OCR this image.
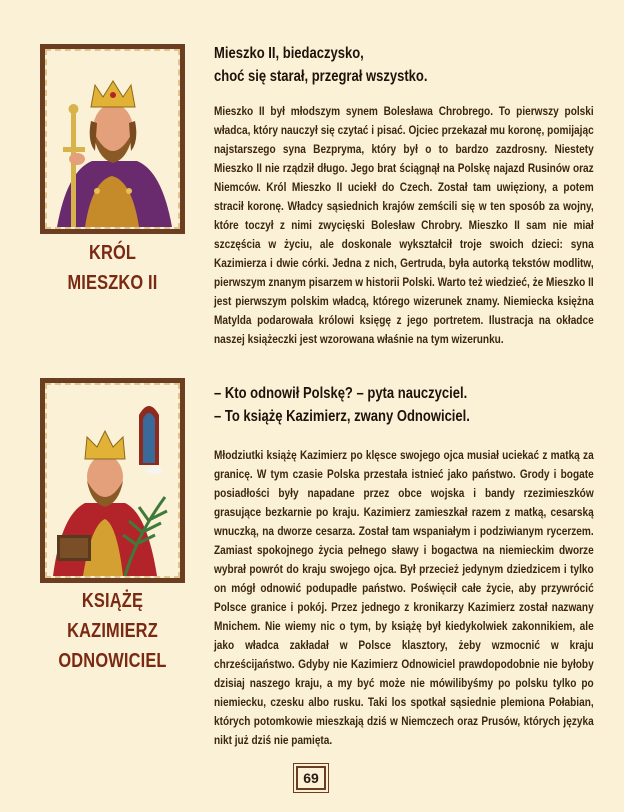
KRÓL
MIESZKO II
Mieszko II, biedaczysko,
choć się starał, przegrał wszystko.

Mieszko II był młodszym synem Bolesława Chrobrego. To pierwszy polski władca, który nauczył się czytać i pisać. Ojciec przekazał mu koronę, pomijając najstarszego syna Bezpryma, który był o to bardzo zazdrosny. Niestety Mieszko II nie rządził długo. Jego brat ściągnął na Polskę najazd Rusinów oraz Niemców. Król Mieszko II uciekł do Czech. Został tam uwięziony, a potem stracił koronę. Władcy sąsiednich krajów zemścili się w ten sposób za wojny, które toczył z nimi zwycięski Bolesław Chrobry. Mieszko II sam nie miał szczęścia w życiu, ale doskonale wykształcił troje swoich dzieci: syna Kazimierza i dwie córki. Jedna z nich, Gertruda, była autorką tekstów modlitw, pierwszym znanym pisarzem w historii Polski. Warto też wiedzieć, że Mieszko II jest pierwszym polskim władcą, którego wizerunek znamy. Niemiecka księżna Matylda podarowała królowi księgę z jego portretem. Ilustracja na okładce naszej książeczki jest wzorowana właśnie na tym wizerunku.

KSIĄŻĘ
KAZIMIERZ
ODNOWICIEL
– Kto odnowił Polskę? – pyta nauczyciel.
– To książę Kazimierz, zwany Odnowiciel.

Młodziutki książę Kazimierz po klęsce swojego ojca musiał uciekać z matką za granicę. W tym czasie Polska przestała istnieć jako państwo. Grody i bogate posiadłości były napadane przez obce wojska i bandy rzezimieszków grasujące bezkarnie po kraju. Kazimierz zamieszkał razem z matką, cesarską wnuczką, na dworze cesarza. Został tam wspaniałym i podziwianym rycerzem. Zamiast spokojnego życia pełnego sławy i bogactwa na niemieckim dworze wybrał powrót do kraju swojego ojca. Był przecież jedynym dziedzicem i tylko on mógł odnowić podupadłe państwo. Poświęcił całe życie, aby przywrócić Polsce granice i pokój. Przez jednego z kronikarzy Kazimierz został nazwany Mnichem. Nie wiemy nic o tym, by książę był kiedykolwiek zakonnikiem, ale jako władca zakładał w Polsce klasztory, żeby wzmocnić w kraju chrześcijaństwo. Gdyby nie Kazimierz Odnowiciel prawdopodobnie nie byłoby dzisiaj naszego kraju, a my być może nie mówilibyśmy po polsku tylko po niemiecku, czesku albo rusku. Taki los spotkał sąsiednie plemiona Połabian, których potomkowie mieszkają dziś w Niemczech oraz Prusów, których języka nikt już dziś nie pamięta.

69
